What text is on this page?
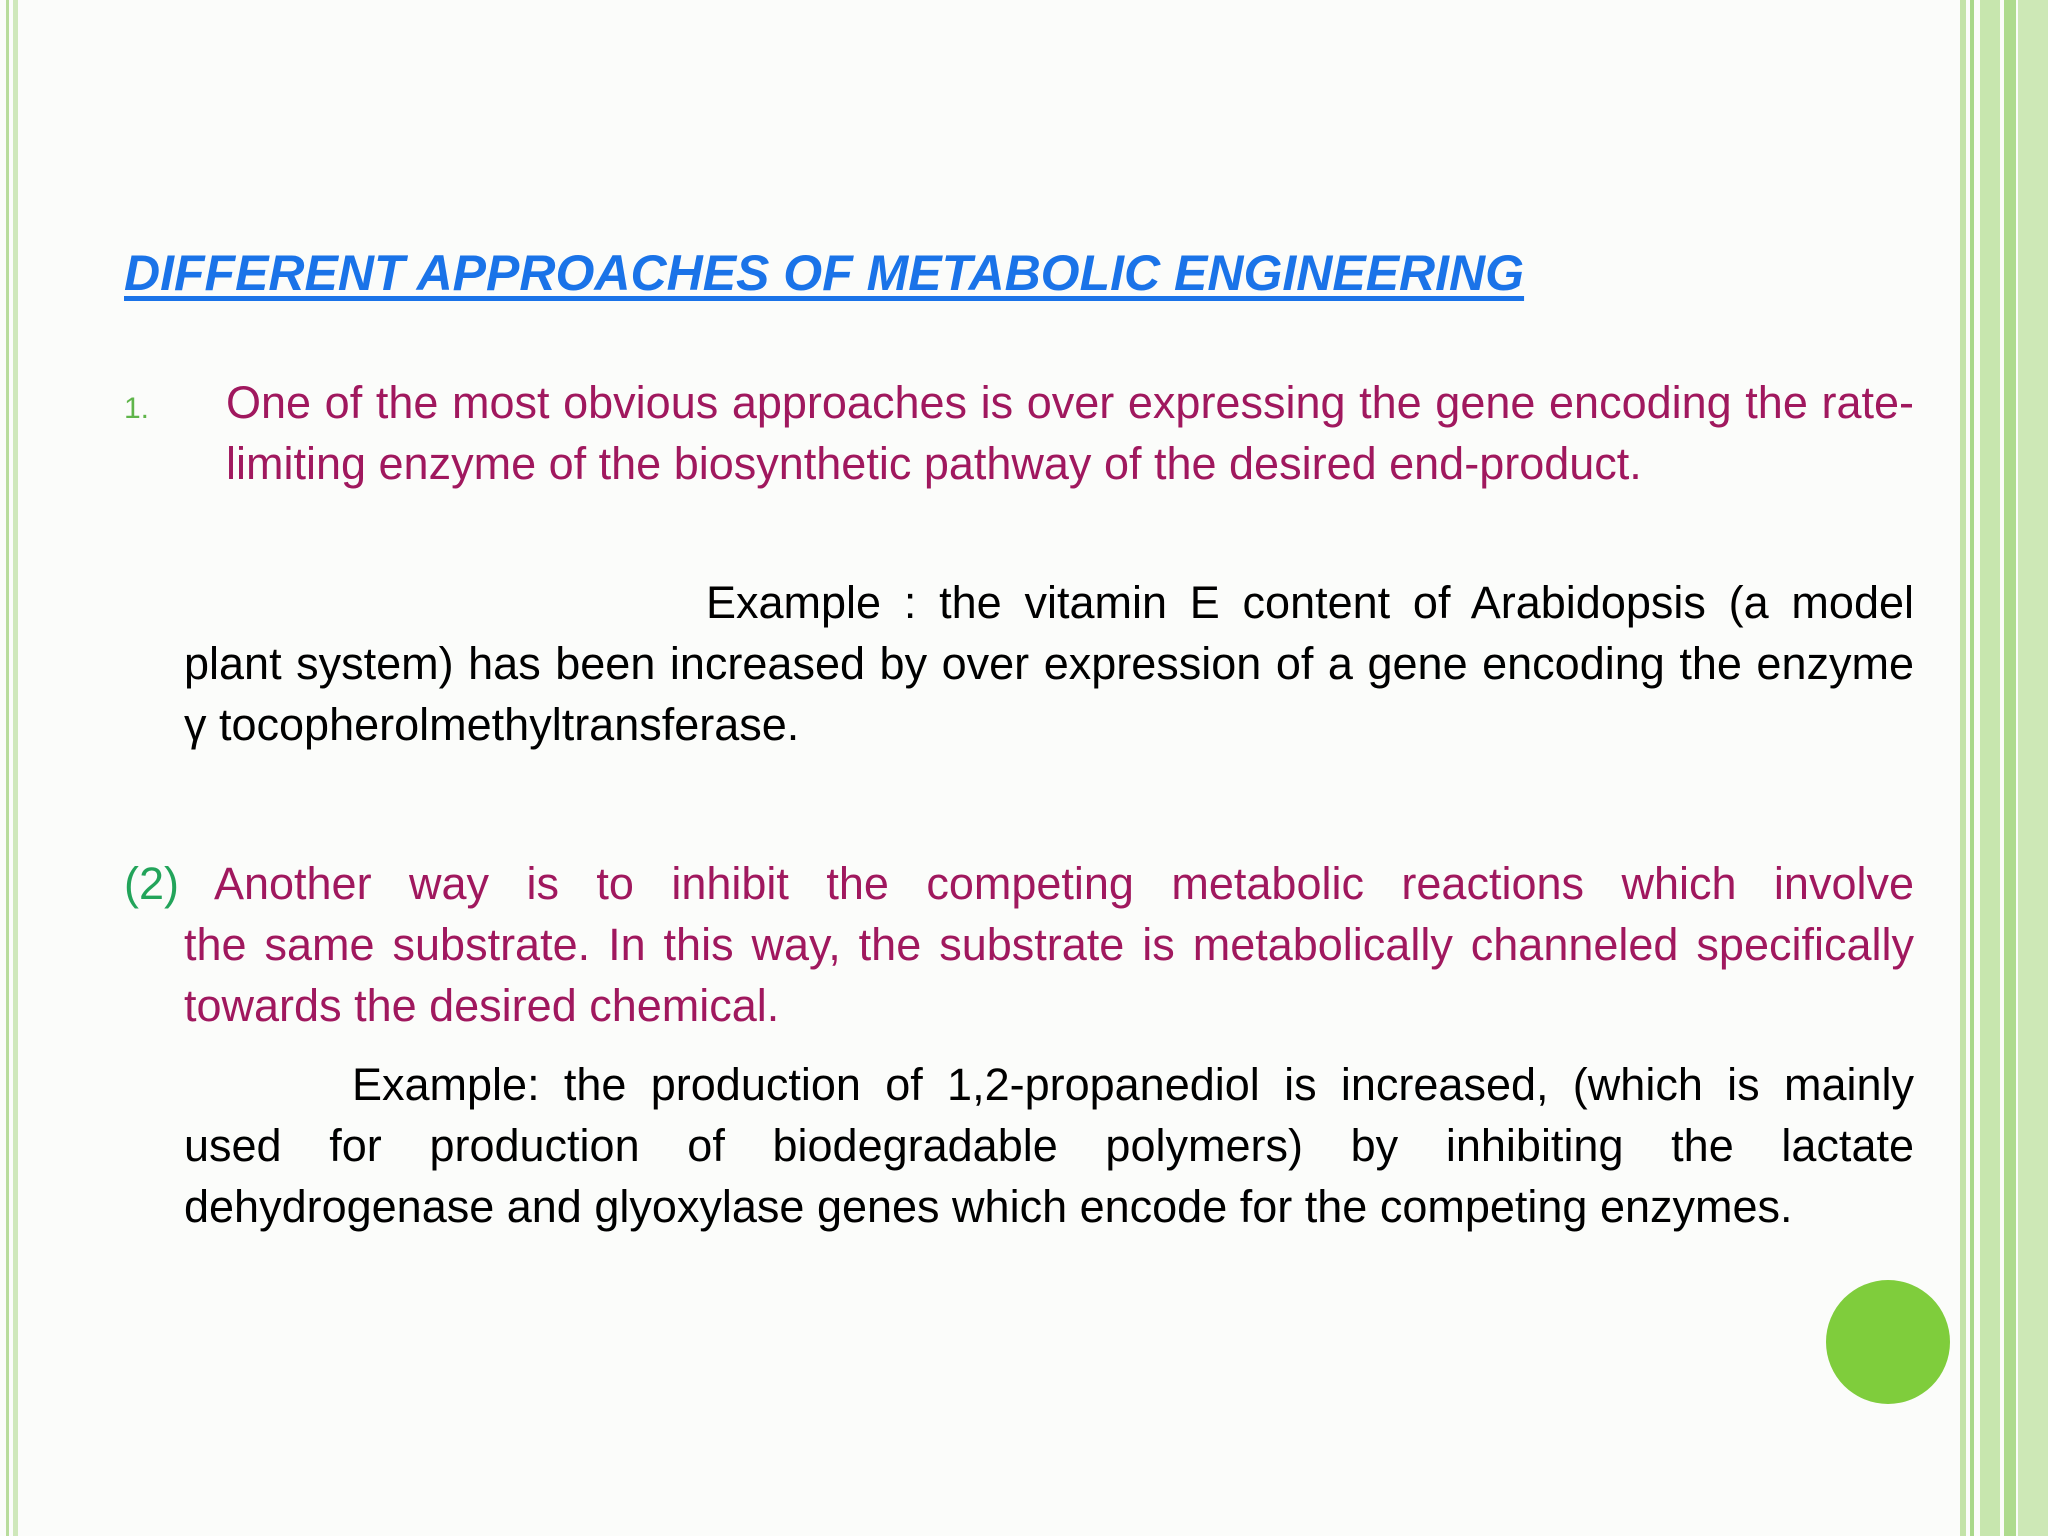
DIFFERENT APPROACHES OF METABOLIC ENGINEERING
1. One of the most obvious approaches is over expressing the gene encoding the rate-limiting enzyme of the biosynthetic pathway of the desired end-product.
Example : the vitamin E content of Arabidopsis (a model plant system) has been increased by over expression of a gene encoding the enzyme γ tocopherolmethyltransferase.
(2) Another way is to inhibit the competing metabolic reactions which involve
the same substrate. In this way, the substrate is metabolically channeled specifically towards the desired chemical.
Example: the production of 1,2-propanediol is increased, (which is mainly used for production of biodegradable polymers) by inhibiting the lactate dehydrogenase and glyoxylase genes which encode for the competing enzymes.
